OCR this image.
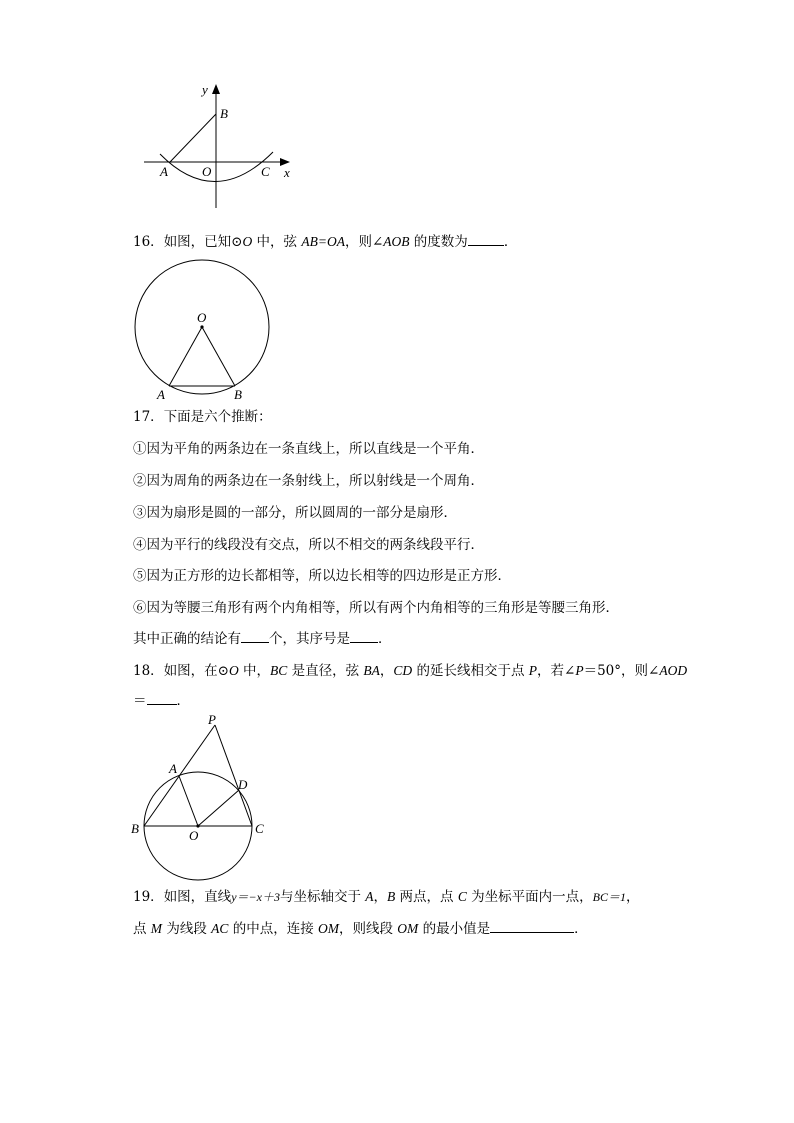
y
B
A	O	C x
16．如图，已知⊙O 中，弦 AB=OA，则∠AOB 的度数为	．
O
A	B
17．下面是六个推断：
①因为平角的两条边在一条直线上，所以直线是一个平角．
②因为周角的两条边在一条射线上，所以射线是一个周角．
③因为扇形是圆的一部分，所以圆周的一部分是扇形．
④因为平行的线段没有交点，所以不相交的两条线段平行．
⑤因为正方形的边长都相等，所以边长相等的四边形是正方形．
⑥因为等腰三角形有两个内角相等，所以有两个内角相等的三角形是等腰三角形．
其中正确的结论有 个，其序号是 ．
18．如图，在⊙O 中，BC 是直径，弦 BA，CD 的延长线相交于点 P，若∠P＝50°，则∠AOD
＝ ．
P
A
D
B	O	C
19．如图，直线y＝−x＋3与坐标轴交于 A，B 两点，点 C 为坐标平面内一点，BC＝1，
点 M 为线段 AC 的中点，连接 OM，则线段 OM 的最小值是	．
